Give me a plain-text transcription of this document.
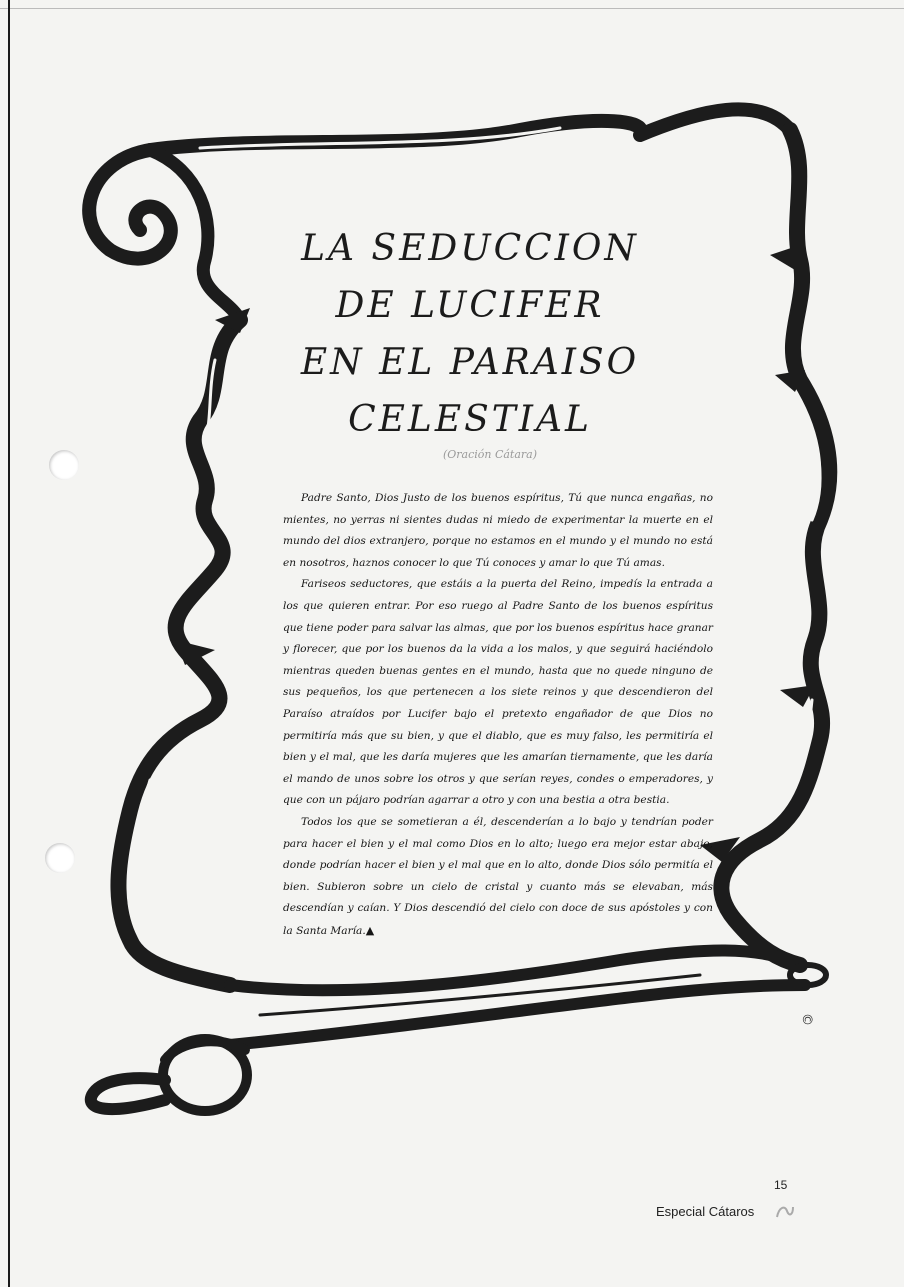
LA SEDUCCION
DE LUCIFER
EN EL PARAISO
CELESTIAL
(Oración Cátara)

Padre Santo, Dios Justo de los buenos espíritus, Tú que nunca engañas, no mientes, no yerras ni sientes dudas ni miedo de experimentar la muerte en el mundo del dios extranjero, porque no estamos en el mundo y el mundo no está en nosotros, haznos conocer lo que Tú conoces y amar lo que Tú amas.

Fariseos seductores, que estáis a la puerta del Reino, impedís la entrada a los que quieren entrar. Por eso ruego al Padre Santo de los buenos espíritus que tiene poder para salvar las almas, que por los buenos espíritus hace granar y florecer, que por los buenos da la vida a los malos, y que seguirá haciéndolo mientras queden buenas gentes en el mundo, hasta que no quede ninguno de sus pequeños, los que pertenecen a los siete reinos y que descendieron del Paraíso atraídos por Lucifer bajo el pretexto engañador de que Dios no permitiría más que su bien, y que el diablo, que es muy falso, les permitiría el bien y el mal, que les daría mujeres que les amarían tiernamente, que les daría el mando de unos sobre los otros y que serían reyes, condes o emperadores, y que con un pájaro podrían agarrar a otro y con una bestia a otra bestia.

Todos los que se sometieran a él, descenderían a lo bajo y tendrían poder para hacer el bien y el mal como Dios en lo alto; luego era mejor estar abajo, donde podrían hacer el bien y el mal que en lo alto, donde Dios sólo permitía el bien. Subieron sobre un cielo de cristal y cuanto más se elevaban, más descendían y caían. Y Dios descendió del cielo con doce de sus apóstoles y con la Santa María.▲

©
15
Especial Cátaros
